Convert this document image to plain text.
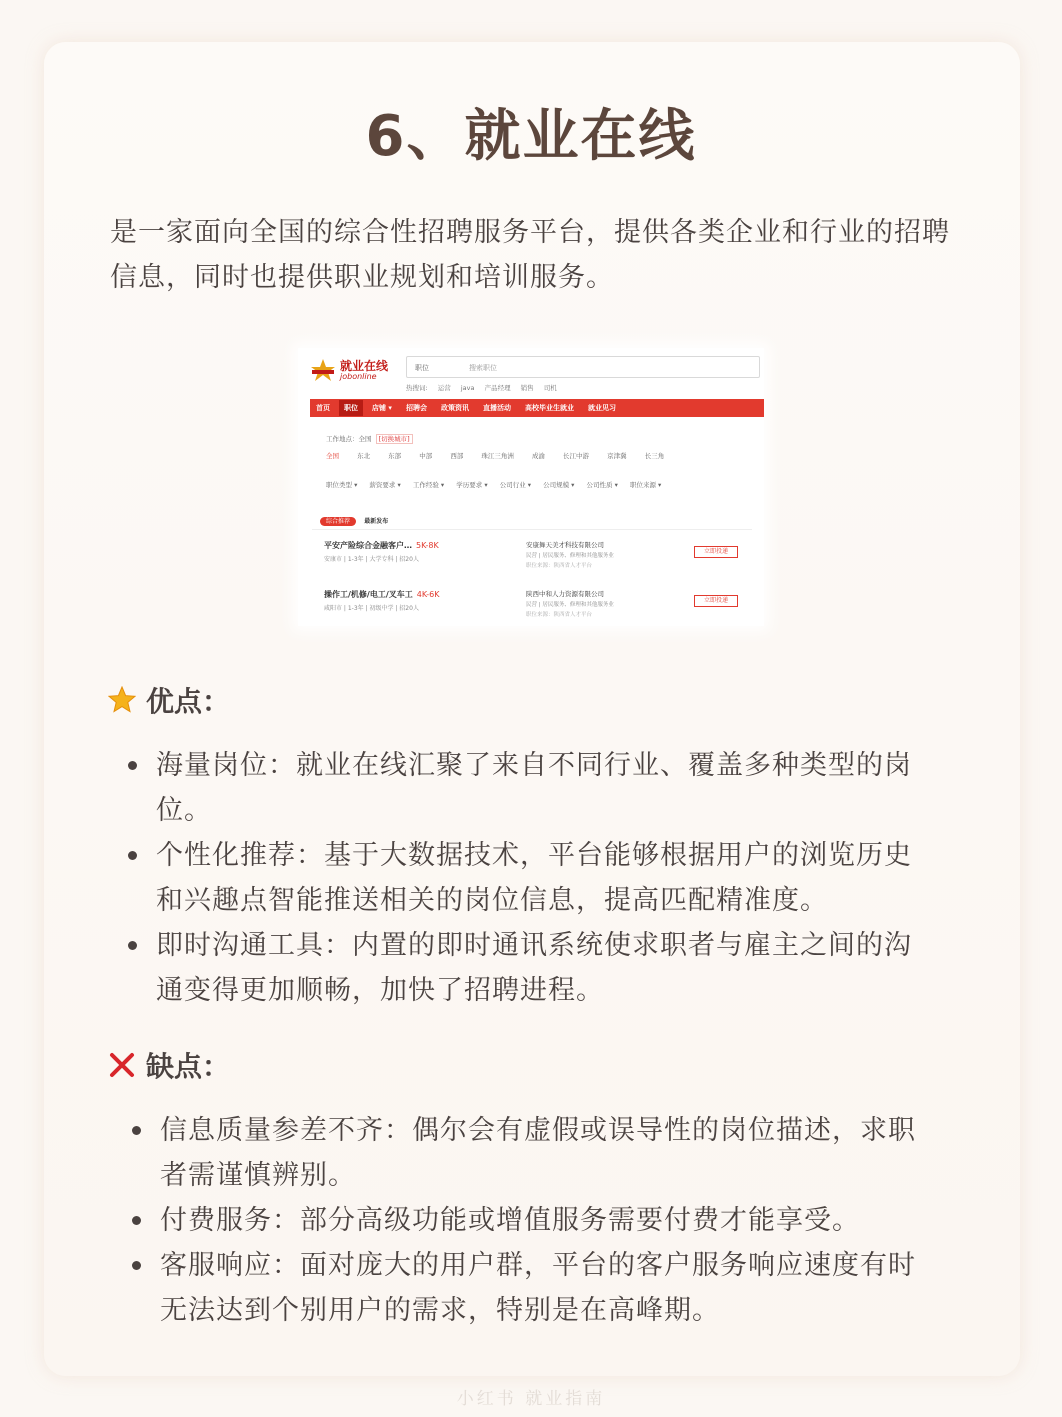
6、就业在线

是一家面向全国的综合性招聘服务平台，提供各类企业和行业的招聘信息，同时也提供职业规划和培训服务。

就业在线
jobonline
职位	搜索职位
热搜词: 运营 java 产品经理 销售 司机
首页	职位	店铺 ▾ 招聘会 政策资讯 直播活动 高校毕业生就业 就业见习
工作地点：全国 [切换城市]
全国	东北	东部	中部	西部	珠江三角洲	成渝	长江中游	京津冀	长三角
职位类型 ▾ 薪资要求 ▾ 工作经验 ▾ 学历要求 ▾ 公司行业 ▾ 公司规模 ▾ 公司性质 ▾ 职位来源 ▾
综合推荐 最新发布
平安产险综合金融客户… 5K-8K
安康市 | 1-3年 | 大学专科 | 招20人
安康舞天美才科技有限公司
民营 | 居民服务、修理和其他服务业
职位来源：陕西省人才平台
立即投递
操作工/机修/电工/叉车工 4K-6K
咸阳市 | 1-3年 | 初级中学 | 招20人
陕西中和人力资源有限公司
民营 | 居民服务、修理和其他服务业
职位来源：陕西省人才平台
立即投递
优点：
海量岗位：就业在线汇聚了来自不同行业、覆盖多种类型的岗位。
个性化推荐：基于大数据技术，平台能够根据用户的浏览历史和兴趣点智能推送相关的岗位信息，提高匹配精准度。
即时沟通工具：内置的即时通讯系统使求职者与雇主之间的沟通变得更加顺畅，加快了招聘进程。
缺点：
信息质量参差不齐：偶尔会有虚假或误导性的岗位描述，求职者需谨慎辨别。
付费服务：部分高级功能或增值服务需要付费才能享受。
客服响应：面对庞大的用户群，平台的客户服务响应速度有时无法达到个别用户的需求，特别是在高峰期。
小红书 就业指南
